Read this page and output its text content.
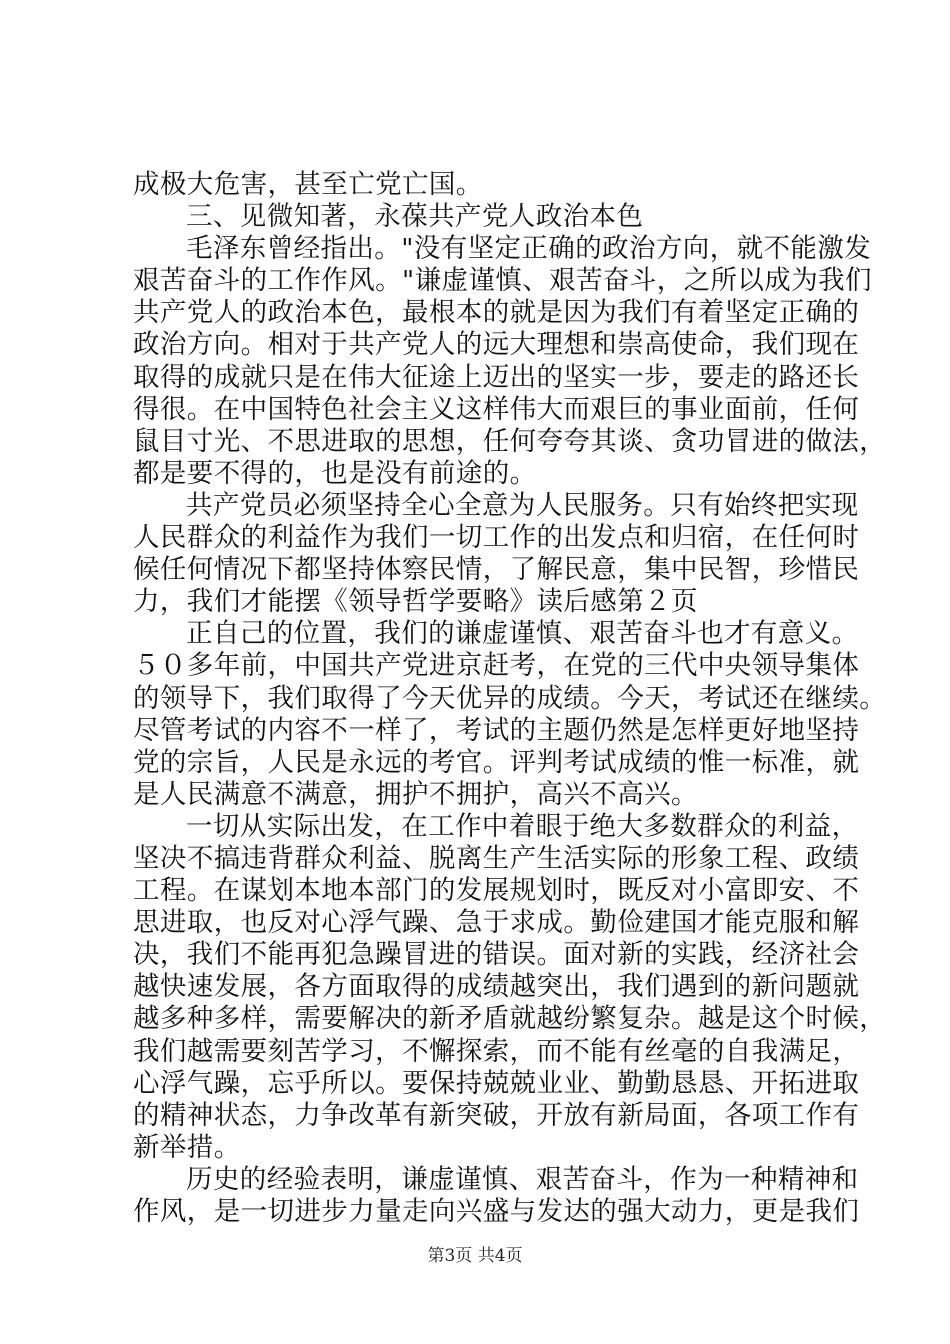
成极大危害，甚至亡党亡国。
三、见微知著，永葆共产党人政治本色
毛泽东曾经指出。"没有坚定正确的政治方向，就不能激发
艰苦奋斗的工作作风。"谦虚谨慎、艰苦奋斗，之所以成为我们
共产党人的政治本色，最根本的就是因为我们有着坚定正确的
政治方向。相对于共产党人的远大理想和崇高使命，我们现在
取得的成就只是在伟大征途上迈出的坚实一步，要走的路还长
得很。在中国特色社会主义这样伟大而艰巨的事业面前，任何
鼠目寸光、不思进取的思想，任何夸夸其谈、贪功冒进的做法，
都是要不得的，也是没有前途的。
共产党员必须坚持全心全意为人民服务。只有始终把实现
人民群众的利益作为我们一切工作的出发点和归宿，在任何时
候任何情况下都坚持体察民情，了解民意，集中民智，珍惜民
力，我们才能摆《领导哲学要略》读后感第２页
正自己的位置，我们的谦虚谨慎、艰苦奋斗也才有意义。
５０多年前，中国共产党进京赶考，在党的三代中央领导集体
的领导下，我们取得了今天优异的成绩。今天，考试还在继续。
尽管考试的内容不一样了，考试的主题仍然是怎样更好地坚持
党的宗旨，人民是永远的考官。评判考试成绩的惟一标准，就
是人民满意不满意，拥护不拥护，高兴不高兴。
一切从实际出发，在工作中着眼于绝大多数群众的利益，
坚决不搞违背群众利益、脱离生产生活实际的形象工程、政绩
工程。在谋划本地本部门的发展规划时，既反对小富即安、不
思进取，也反对心浮气躁、急于求成。勤俭建国才能克服和解
决，我们不能再犯急躁冒进的错误。面对新的实践，经济社会
越快速发展，各方面取得的成绩越突出，我们遇到的新问题就
越多种多样，需要解决的新矛盾就越纷繁复杂。越是这个时候，
我们越需要刻苦学习，不懈探索，而不能有丝毫的自我满足，
心浮气躁，忘乎所以。要保持兢兢业业、勤勤恳恳、开拓进取
的精神状态，力争改革有新突破，开放有新局面，各项工作有
新举措。
历史的经验表明，谦虚谨慎、艰苦奋斗，作为一种精神和
作风，是一切进步力量走向兴盛与发达的强大动力，更是我们
第3页 共4页
